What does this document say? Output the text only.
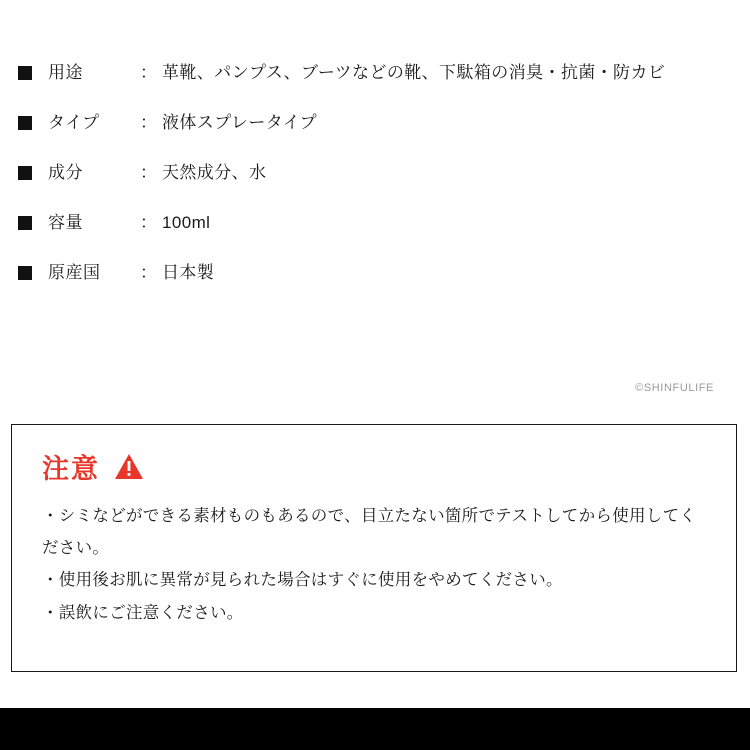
用途	： 革靴、パンプス、ブーツなどの靴、下駄箱の消臭・抗菌・防カビ
タイプ	： 液体スプレータイプ
成分	： 天然成分、水
容量	： 100ml
原産国	： 日本製
©SHINFULIFE
注意
・シミなどができる素材ものもあるので、目立たない箇所でテストしてから使用してください。
・使用後お肌に異常が見られた場合はすぐに使用をやめてください。
・誤飲にご注意ください。
